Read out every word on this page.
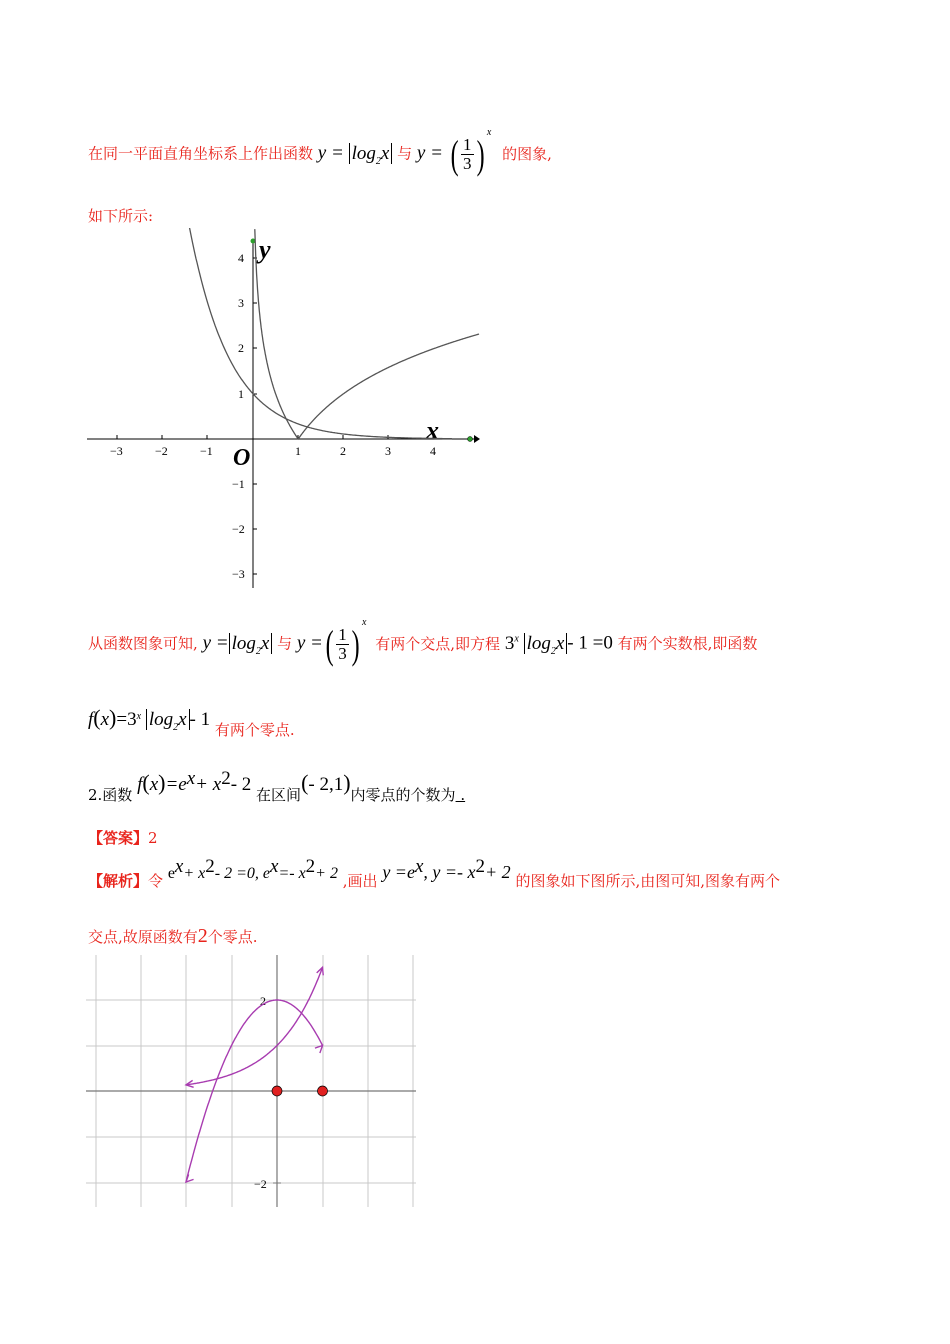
在同一平面直角坐标系上作出函数 $y = \log_2x$ 与 y = ( $\frac{1}{3}$ ) $^x$ 的图象,
如下所示:
−3	−2	−1	1	2	3	4
4
3
2
1
−1
−2
−3
x
y
O
从函数图象可知, $y = \log_2x$ 与 y =( $\frac{1}{3}$ ) $^x$ 有两个交点,即方程 3$^x$ $\log_2x - 1 =0$ 有两个实数根,即函数
$f(x)=3^x$ $\log_2x - 1$ 有两个零点.
2.函数 $f(x)=e^x+ x^2-$ 2 在区间(- 2,1)内零点的个数为 .
【答案】2
【解析】令 $e^x+ x^2-$ 2 =0, $e^x=-$ $x^2+ 2$ ,画出 $y =e^x$, $y =- x^2+ 2$ 的图象如下图所示,由图可知,图象有两个
交点,故原函数有2个零点.
2
−2
